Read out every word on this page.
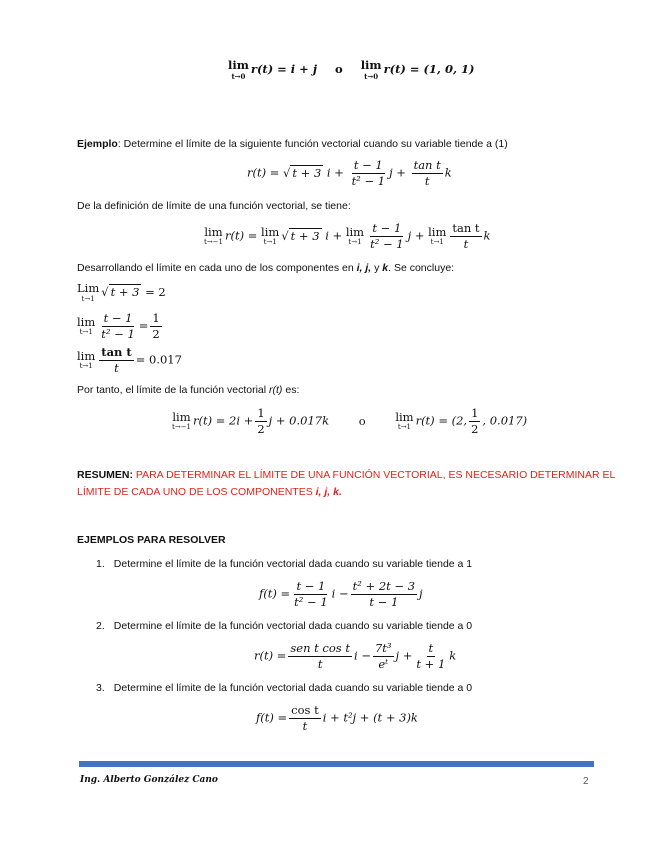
lim
t→0
r(t) = i + j o lim
t→0
r(t) = (1, 0, 1)
Ejemplo: Determine el límite de la siguiente función vectorial cuando su variable tiende a (1)
r(t) = √ t + 3 $i + \frac{t - 1}{\text{t² − 1}}$ $j + \frac{\text{tan t}}{t}$ k
De la definición de límite de una función vectorial, se tiene:
lim
t→−1 r(t) = lim
t→1 √ t + 3 i + lim
$t\to 1 \frac{t - 1}{\text{t² − 1}}$ j + lim
$t\to 1 \frac{\text{tan t}}{t}$ k
Desarrollando el límite en cada uno de los componentes en i, j, y k. Se concluye:
Lim
t→1 √ t + 3 = 2
lim
$t\to 1 \frac{t - 1}{\text{t² − 1}} = \frac{1}{2}$
lim
$t\to 1 \frac{\text{tan t}}{t} = 0.017$
Por tanto, el límite de la función vectorial r(t) es:
lim
t→−1 $r(t) = 2i + \frac{1}{2}$ j + 0.017k	o	lim
t→1 r(t) = (2, $\frac{1}{2}$ , 0.017)
RESUMEN: PARA DETERMINAR EL LÍMITE DE UNA FUNCIÓN VECTORIAL, ES NECESARIO DETERMINAR EL
LÍMITE DE CADA UNO DE LOS COMPONENTES i, j, k.
EJEMPLOS PARA RESOLVER
1. Determine el límite de la función vectorial dada cuando su variable tiende a 1
$f(t) = \frac{t - 1}{\text{t² − 1}}$ $i - \frac{\text{t² + 2t − 3}}{t - 1}$ j
2. Determine el límite de la función vectorial dada cuando su variable tiende a 0
$r(t) = \frac{\text{sen t cos t}}{t}$ $i - \frac{\text{7t³}}{\text{eᵗ}}$ $j + \frac{t}{t + 1}$ k
3. Determine el límite de la función vectorial dada cuando su variable tiende a 0
$f(t) = \frac{\text{cos t}}{t}$ i + t²j + (t + 3)k
Ing. Alberto González Cano	2
